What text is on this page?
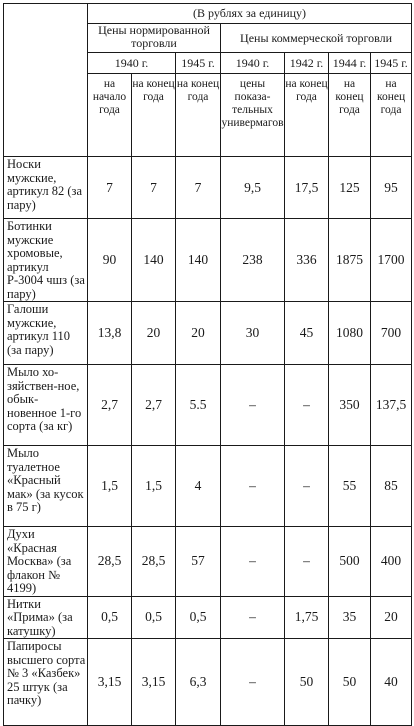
	(В рублях за единицу)						
	Цены нормированной торговли			Цены коммерческой торговли			
	1940 г.		1945 г.	1940 г.	1942 г.	1944 г.	1945 г.
	на начало года	на конец года	на конец года	цены показа-тельных универмагов	на конец года	на конец года	на конец года
Носки мужские, артикул 82 (за пару)	7	7	7	9,5	17,5	125	95
Ботинки мужские хромовые, артикул Р-3004 чшз (за пару)	90	140	140	238	336	1875	1700
Галоши мужские, артикул 110 (за пару)	13,8	20	20	30	45	1080	700
Мыло хо-зяйствен-ное, обык-новенное 1-го сорта (за кг)	2,7	2,7	5.5	–	–	350	137,5
Мыло туалетное «Красный мак» (за кусок в 75 г)	1,5	1,5	4	–	–	55	85
Духи «Красная Москва» (за флакон № 4199)	28,5	28,5	57	–	–	500	400
Нитки «Прима» (за катушку)	0,5	0,5	0,5	–	1,75	35	20
Папиросы высшего сорта № 3 «Казбек» 25 штук (за пачку)	3,15	3,15	6,3	–	50	50	40
